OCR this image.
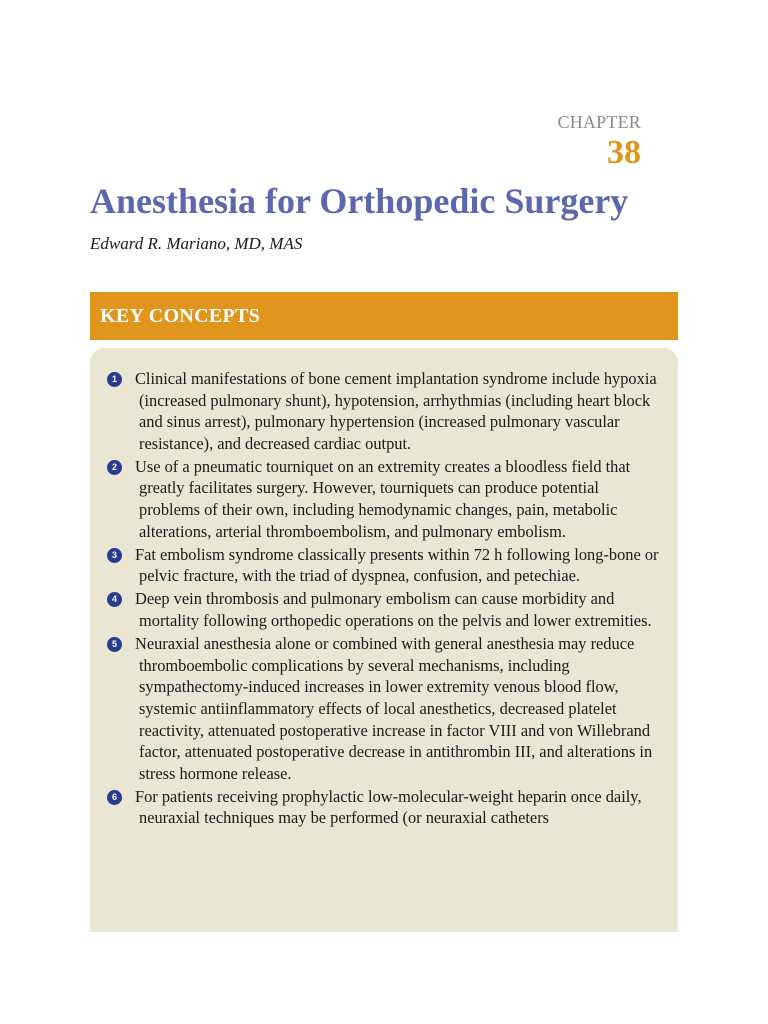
CHAPTER
38
Anesthesia for Orthopedic Surgery
Edward R. Mariano, MD, MAS
KEY CONCEPTS
1	Clinical manifestations of bone cement implantation syndrome include hypoxia (increased pulmonary shunt), hypotension, arrhythmias (including heart block and sinus arrest), pulmonary hypertension (increased pulmonary vascular resistance), and decreased cardiac output.
2	Use of a pneumatic tourniquet on an extremity creates a bloodless field that greatly facilitates surgery. However, tourniquets can produce potential problems of their own, including hemodynamic changes, pain, metabolic alterations, arterial thromboembolism, and pulmonary embolism.
3	Fat embolism syndrome classically presents within 72 h following long-bone or pelvic fracture, with the triad of dyspnea, confusion, and petechiae.
4	Deep vein thrombosis and pulmonary embolism can cause morbidity and mortality following orthopedic operations on the pelvis and lower extremities.
5	Neuraxial anesthesia alone or combined with general anesthesia may reduce thromboembolic complications by several mechanisms, including sympathectomy-induced increases in lower extremity venous blood flow, systemic antiinflammatory effects of local anesthetics, decreased platelet reactivity, attenuated postoperative increase in factor VIII and von Willebrand factor, attenuated postoperative decrease in antithrombin III, and alterations in stress hormone release.
6	For patients receiving prophylactic low-molecular-weight heparin once daily, neuraxial techniques may be performed (or neuraxial catheters
